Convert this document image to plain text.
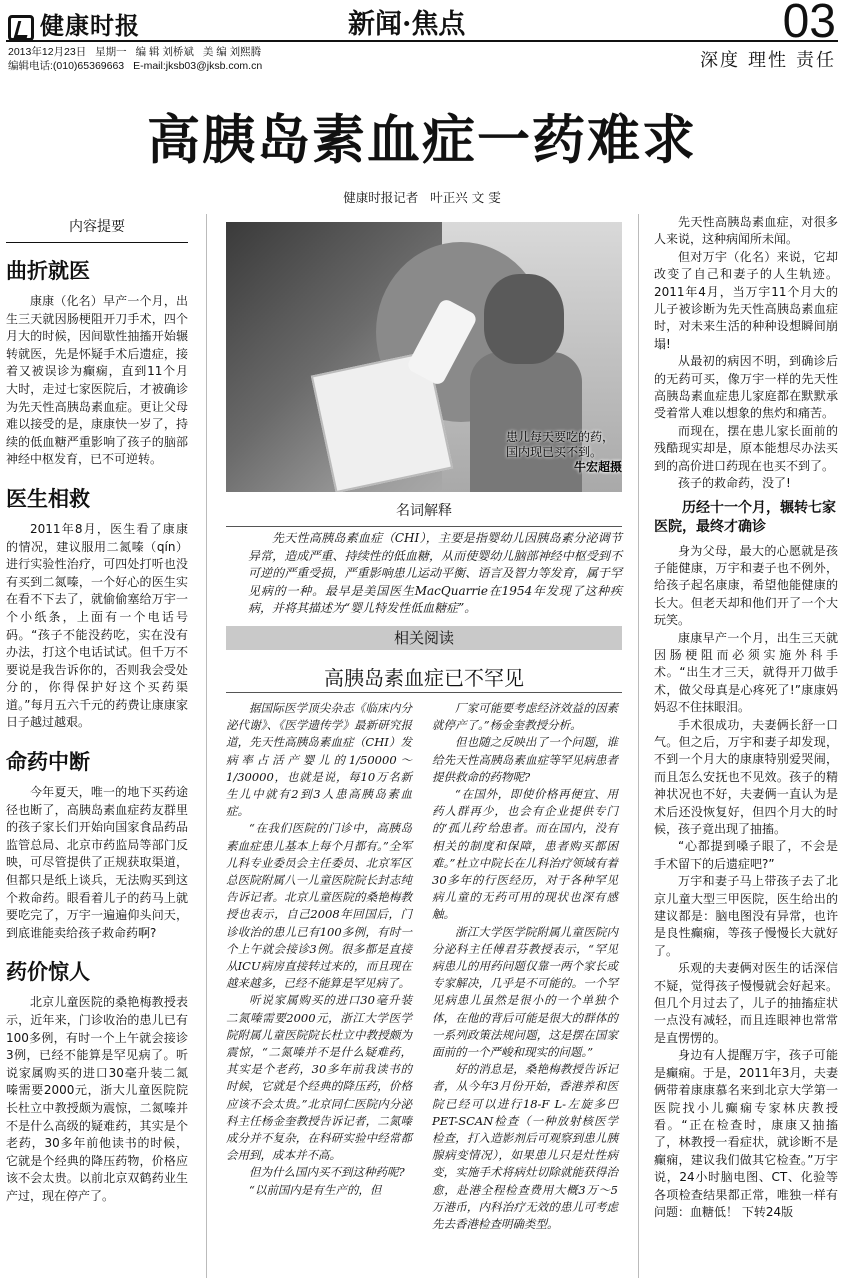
健康时报	新闻·焦点	03
2013年12月23日 星期一 编 辑 刘桥斌 美 编 刘熙腾
编辑电话:(010)65369663 E-mail:jksb03@jksb.com.cn	深度 理性 责任
高胰岛素血症一药难求
健康时报记者 叶正兴 文 雯
内容提要
曲折就医

康康（化名）早产一个月，出生三天就因肠梗阻开刀手术，四个月大的时候，因间歇性抽搐开始辗转就医，先是怀疑手术后遗症，接着又被误诊为癫痫，直到11个月大时，走过七家医院后，才被确诊为先天性高胰岛素血症。更让父母难以接受的是，康康快一岁了，持续的低血糖严重影响了孩子的脑部神经中枢发育，已不可逆转。

医生相救

2011年8月，医生看了康康的情况，建议服用二氮嗪（qín）进行实验性治疗，可四处打听也没有买到二氮嗪，一个好心的医生实在看不下去了，就偷偷塞给万宇一个小纸条，上面有一个电话号码。“孩子不能没药吃，实在没有办法，打这个电话试试。但千万不要说是我告诉你的，否则我会受处分的，你得保护好这个买药渠道。”每月五六千元的药费让康康家日子越过越艰。

命药中断

今年夏天，唯一的地下买药途径也断了，高胰岛素血症药友群里的孩子家长们开始向国家食品药品监管总局、北京市药监局等部门反映，可尽管提供了正规获取渠道，但都只是纸上谈兵，无法购买到这个救命药。眼看着儿子的药马上就要吃完了，万宇一遍遍仰头问天，到底谁能卖给孩子救命药啊?

药价惊人

北京儿童医院的桑艳梅教授表示，近年来，门诊收治的患儿已有100多例，有时一个上午就会接诊3例，已经不能算是罕见病了。听说家属购买的进口30毫升装二氮嗪需要2000元，浙大儿童医院院长杜立中教授颇为震惊，二氮嗪并不是什么高级的疑难药，其实是个老药，30多年前他读书的时候，它就是个经典的降压药物，价格应该不会太贵。以前北京双鹤药业生产过，现在停产了。

患儿每天要吃的药，国内现已买不到。
牛宏超摄
名词解释

先天性高胰岛素血症（CHI），主要是指婴幼儿因胰岛素分泌调节异常，造成严重、持续性的低血糖，从而使婴幼儿脑部神经中枢受到不可逆的严重受损，严重影响患儿运动平衡、语言及智力等发育，属于罕见病的一种。最早是美国医生MacQuarrie在1954年发现了这种疾病，并将其描述为“婴儿特发性低血糖症”。

相关阅读
高胰岛素血症已不罕见

据国际医学顶尖杂志《临床内分泌代谢》、《医学遗传学》最新研究报道，先天性高胰岛素血症（CHI）发病率占活产婴儿的1/50000～1/30000，也就是说，每10万名新生儿中就有2到3人患高胰岛素血症。

“在我们医院的门诊中，高胰岛素血症患儿基本上每个月都有。”全军儿科专业委员会主任委员、北京军区总医院附属八一儿童医院院长封志纯告诉记者。北京儿童医院的桑艳梅教授也表示，自己2008年回国后，门诊收治的患儿已有100多例，有时一个上午就会接诊3例。很多都是直接从ICU病房直接转过来的，而且现在越来越多，已经不能算是罕见病了。

听说家属购买的进口30毫升装二氮嗪需要2000元，浙江大学医学院附属儿童医院院长杜立中教授颇为震惊，“二氮嗪并不是什么疑难药，其实是个老药，30多年前我读书的时候，它就是个经典的降压药，价格应该不会太贵。”北京同仁医院内分泌科主任杨金奎教授告诉记者，二氮嗪成分并不复杂，在科研实验中经常都会用到，成本并不高。

但为什么国内买不到这种药呢?

“以前国内是有生产的，但

厂家可能要考虑经济效益的因素就停产了。”杨金奎教授分析。

但也随之反映出了一个问题，谁给先天性高胰岛素血症等罕见病患者提供救命的药物呢?

“在国外，即使价格再便宜、用药人群再少，也会有企业提供专门的‘孤儿药’给患者。而在国内，没有相关的制度和保障，患者购买都困难。”杜立中院长在儿科治疗领域有着30多年的行医经历，对于各种罕见病儿童的无药可用的现状也深有感触。

浙江大学医学院附属儿童医院内分泌科主任傅君芬教授表示，“罕见病患儿的用药问题仅靠一两个家长或专家解决，几乎是不可能的。一个罕见病患儿虽然是很小的一个单独个体，在他的背后可能是很大的群体的一系列政策法规问题，这是摆在国家面前的一个严峻和现实的问题。”

好的消息是，桑艳梅教授告诉记者，从今年3月份开始，香港养和医院已经可以进行18-F L-左旋多巴PET-SCAN检查（一种放射核医学检查，打入造影剂后可观察到患儿胰腺病变情况），如果患儿只是灶性病变，实施手术将病灶切除就能获得治愈，赴港全程检查费用大概3万～5万港币，内科治疗无效的患儿可考虑先去香港检查明确类型。

先天性高胰岛素血症，对很多人来说，这种病闻所未闻。

但对万宇（化名）来说，它却改变了自己和妻子的人生轨迹。2011年4月，当万宇11个月大的儿子被诊断为先天性高胰岛素血症时，对未来生活的种种设想瞬间崩塌!

从最初的病因不明，到确诊后的无药可买，像万宇一样的先天性高胰岛素血症患儿家庭都在默默承受着常人难以想象的焦灼和痛苦。

而现在，摆在患儿家长面前的残酷现实却是，原本能想尽办法买到的高价进口药现在也买不到了。

孩子的救命药，没了!

历经十一个月，辗转七家医院，最终才确诊

身为父母，最大的心愿就是孩子能健康，万宇和妻子也不例外，给孩子起名康康，希望他能健康的长大。但老天却和他们开了一个大玩笑。

康康早产一个月，出生三天就因肠梗阻而必须实施外科手术。“出生才三天，就得开刀做手术，做父母真是心疼死了!”康康妈妈忍不住抹眼泪。

手术很成功，夫妻俩长舒一口气。但之后，万宇和妻子却发现，不到一个月大的康康特别爱哭闹，而且怎么安抚也不见效。孩子的精神状况也不好，夫妻俩一直认为是术后还没恢复好，但四个月大的时候，孩子竟出现了抽搐。

“心都提到嗓子眼了，不会是手术留下的后遗症吧?”

万宇和妻子马上带孩子去了北京儿童大型三甲医院，医生给出的建议都是：脑电图没有异常，也许是良性癫痫，等孩子慢慢长大就好了。

乐观的夫妻俩对医生的话深信不疑，觉得孩子慢慢就会好起来。但几个月过去了，儿子的抽搐症状一点没有减轻，而且连眼神也常常是直愣愣的。

身边有人提醒万宇，孩子可能是癫痫。于是，2011年3月，夫妻俩带着康康慕名来到北京大学第一医院找小儿癫痫专家林庆教授看。“正在检查时，康康又抽搐了，林教授一看症状，就诊断不是癫痫，建议我们做其它检查。”万宇说，24小时脑电图、CT、化验等各项检查结果都正常，唯独一样有问题：血糖低！ 下转24版
